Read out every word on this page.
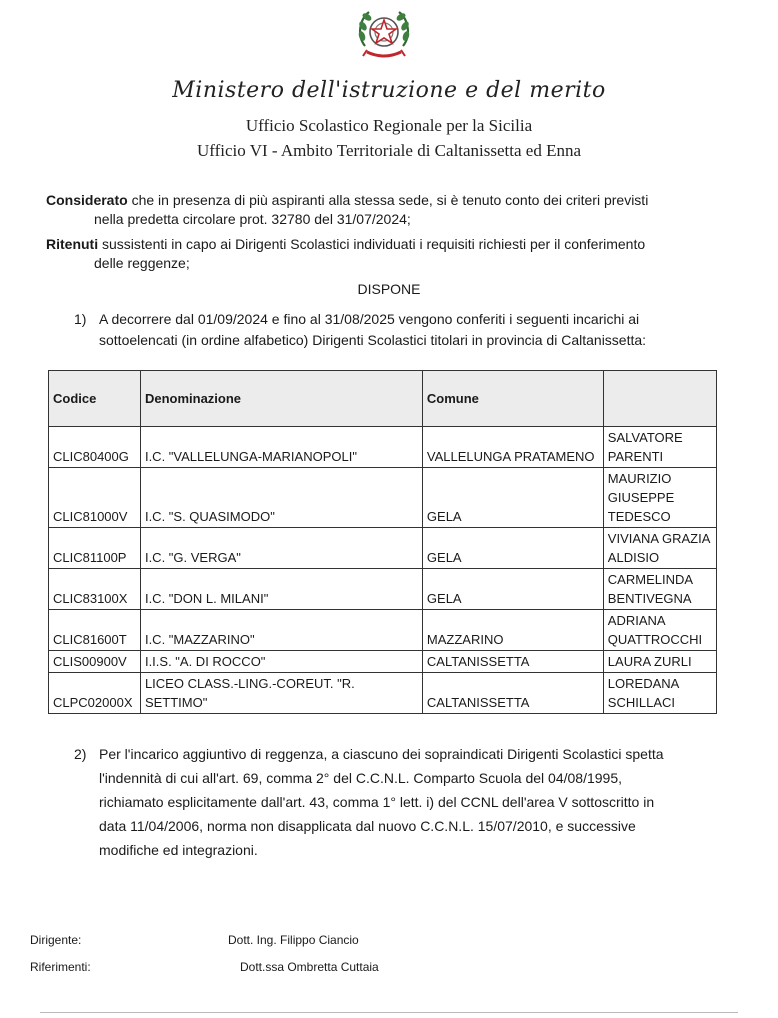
Ministero dell'istruzione e del merito
Ufficio Scolastico Regionale per la Sicilia
Ufficio VI - Ambito Territoriale di Caltanissetta ed Enna
Considerato che in presenza di più aspiranti alla stessa sede, si è tenuto conto dei criteri previsti
nella predetta circolare prot. 32780 del 31/07/2024;
Ritenuti sussistenti in capo ai Dirigenti Scolastici individuati i requisiti richiesti per il conferimento
delle reggenze;
DISPONE
1) A decorrere dal 01/09/2024 e fino al 31/08/2025 vengono conferiti i seguenti incarichi ai
sottoelencati (in ordine alfabetico) Dirigenti Scolastici titolari in provincia di Caltanissetta:
Codice	Denominazione	Comune	
CLIC80400G	I.C. "VALLELUNGA-MARIANOPOLI"	VALLELUNGA PRATAMENO	SALVATORE
PARENTI

CLIC81000V	I.C. "S. QUASIMODO"	GELA	MAURIZIO
GIUSEPPE
TEDESCO

CLIC81100P	I.C. "G. VERGA"	GELA	VIVIANA GRAZIA
ALDISIO

CLIC83100X	I.C. "DON L. MILANI"	GELA	CARMELINDA
BENTIVEGNA

CLIC81600T	I.C. "MAZZARINO"	MAZZARINO	ADRIANA
QUATTROCCHI

CLIS00900V	I.I.S. "A. DI ROCCO"	CALTANISSETTA	LAURA ZURLI

CLPC02000X	LICEO CLASS.-LING.-COREUT. "R. SETTIMO"	CALTANISSETTA	LOREDANA
SCHILLACI
2) Per l'incarico aggiuntivo di reggenza, a ciascuno dei sopraindicati Dirigenti Scolastici spetta
l'indennità di cui all'art. 69, comma 2° del C.C.N.L. Comparto Scuola del 04/08/1995,
richiamato esplicitamente dall'art. 43, comma 1° lett. i) del CCNL dell'area V sottoscritto in
data 11/04/2006, norma non disapplicata dal nuovo C.C.N.L. 15/07/2010, e successive
modifiche ed integrazioni.
Dirigente:	Dott. Ing. Filippo Ciancio
Riferimenti:	Dott.ssa Ombretta Cuttaia
